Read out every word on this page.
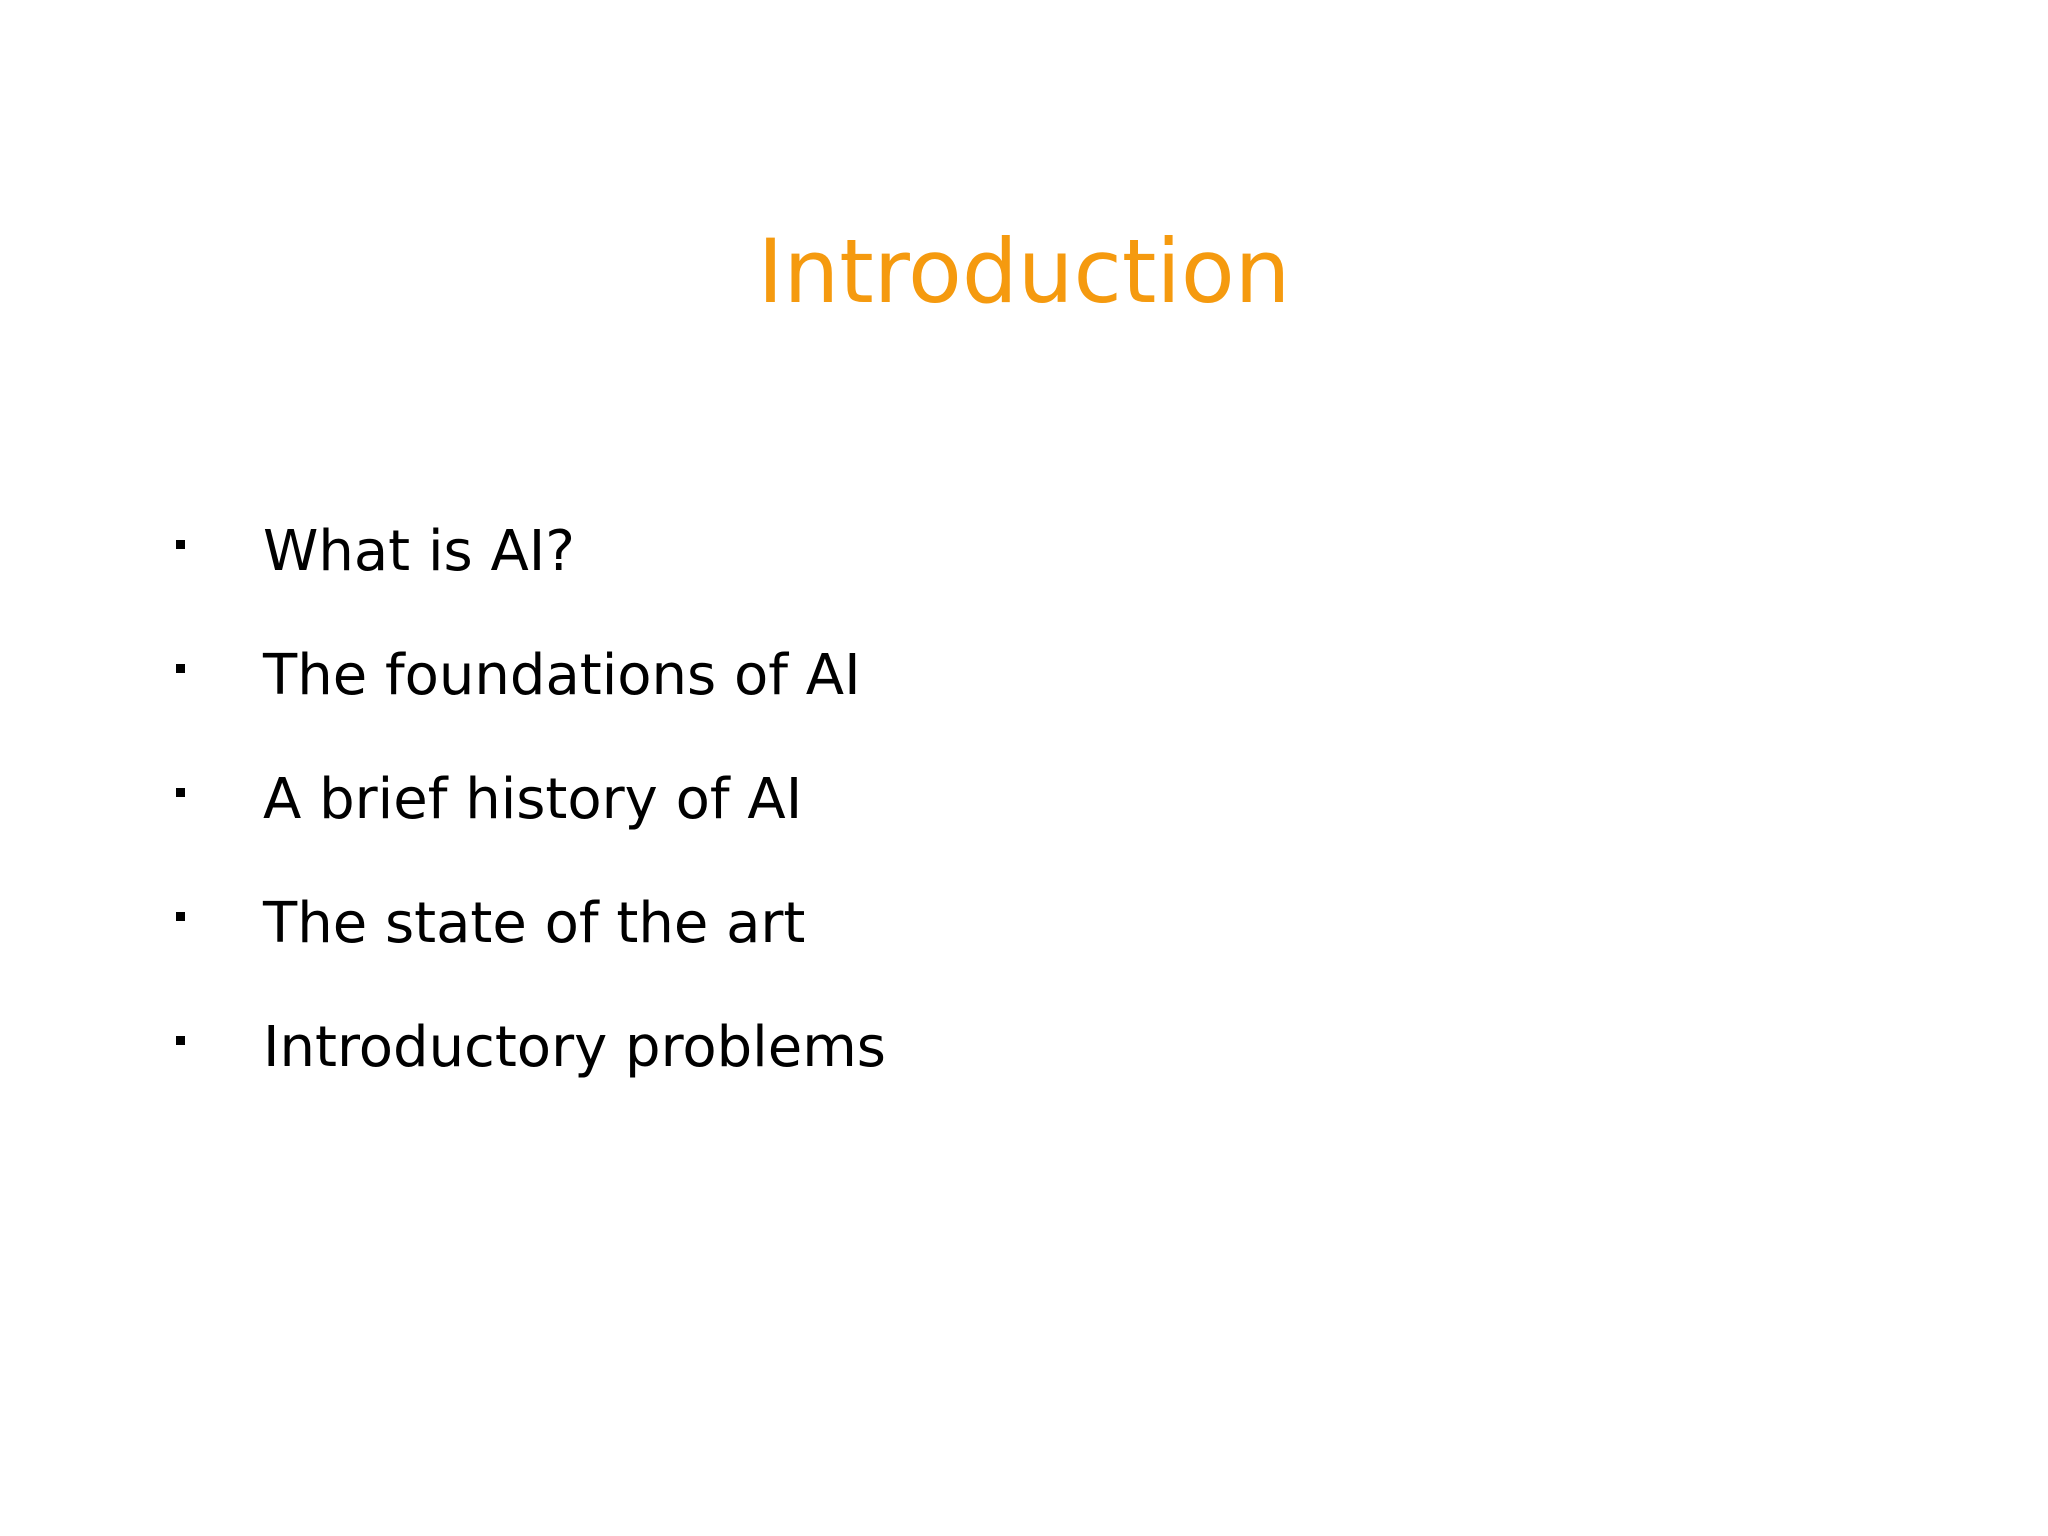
Introduction
What is AI?
The foundations of AI
A brief history of AI
The state of the art
Introductory problems
